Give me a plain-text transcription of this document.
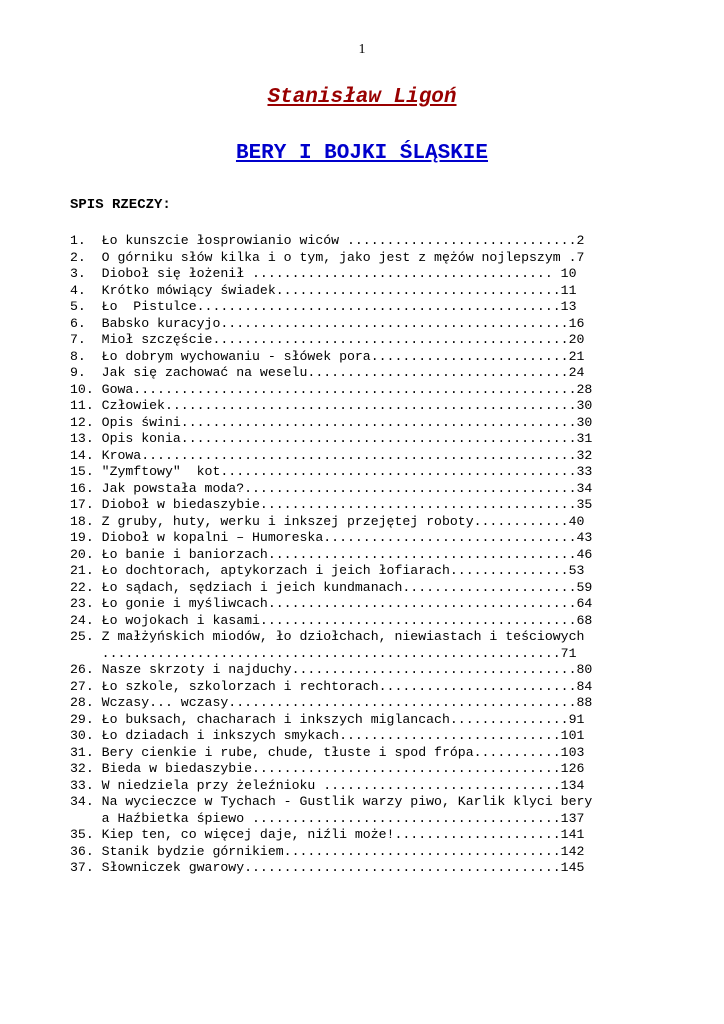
1
Stanisław Ligoń
BERY I BOJKI ŚLĄSKIE
SPIS RZECZY:
1.  Ło kunszcie łosprowianio wiców .............................2
2.  O górniku słów kilka i o tym, jako jest z mężów nojlepszym .7
3.  Dioboł się łożenił ...................................... 10
4.  Krótko mówiący świadek....................................11
5.  Ło  Pistulce..............................................13
6.  Babsko kuracyjo............................................16
7.  Mioł szczęście.............................................20
8.  Ło dobrym wychowaniu - słówek pora.........................21
9.  Jak się zachować na weselu.................................24
10. Gowa........................................................28
11. Człowiek....................................................30
12. Opis świni..................................................30
13. Opis konia..................................................31
14. Krowa.......................................................32
15. "Zymftowy"  kot.............................................33
16. Jak powstała moda?..........................................34
17. Dioboł w biedaszybie........................................35
18. Z gruby, huty, werku i inkszej przejętej roboty............40
19. Dioboł w kopalni – Humoreska................................43
20. Ło banie i baniorzach.......................................46
21. Ło dochtorach, aptykorzach i jeich łofiarach...............53
22. Ło sądach, sędziach i jeich kundmanach......................59
23. Ło gonie i myśliwcach.......................................64
24. Ło wojokach i kasami........................................68
25. Z małżyńskich miodów, ło dziołchach, niewiastach i teściowych
..........................................................71
26. Nasze skrzoty i najduchy....................................80
27. Ło szkole, szkolorzach i rechtorach.........................84
28. Wczasy... wczasy............................................88
29. Ło buksach, chacharach i inkszych miglancach...............91
30. Ło dziadach i inkszych smykach............................101
31. Bery cienkie i rube, chude, tłuste i spod frópa...........103
32. Bieda w biedaszybie.......................................126
33. W niedziela przy żeleźnioku ..............................134
34. Na wycieczce w Tychach - Gustlik warzy piwo, Karlik klyci bery
a Haźbietka śpiewo .......................................137
35. Kiep ten, co więcej daje, niźli może!.....................141
36. Stanik bydzie górnikiem...................................142
37. Słowniczek gwarowy........................................145
